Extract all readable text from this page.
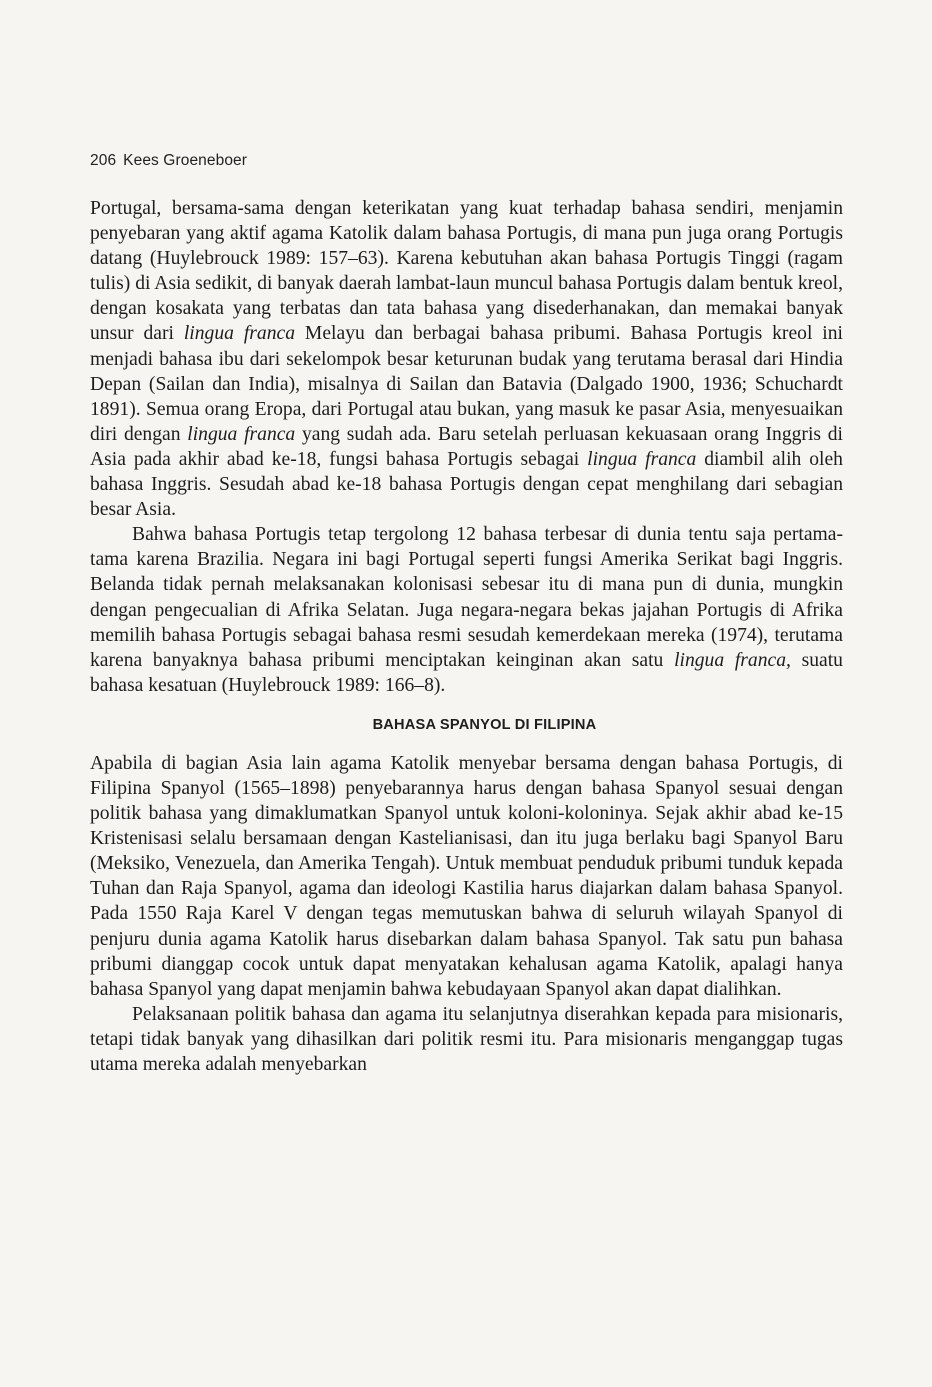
206 Kees Groeneboer

Portugal, bersama-sama dengan keterikatan yang kuat terhadap bahasa sendiri, menjamin penyebaran yang aktif agama Katolik dalam bahasa Portugis, di mana pun juga orang Portugis datang (Huylebrouck 1989: 157–63). Karena kebutuhan akan bahasa Portugis Tinggi (ragam tulis) di Asia sedikit, di banyak daerah lambat-laun muncul bahasa Portugis dalam bentuk kreol, dengan kosakata yang terbatas dan tata bahasa yang disederhanakan, dan memakai banyak unsur dari lingua franca Melayu dan berbagai bahasa pribumi. Bahasa Portugis kreol ini menjadi bahasa ibu dari sekelompok besar keturunan budak yang terutama berasal dari Hindia Depan (Sailan dan India), misalnya di Sailan dan Batavia (Dalgado 1900, 1936; Schuchardt 1891). Semua orang Eropa, dari Portugal atau bukan, yang masuk ke pasar Asia, menyesuaikan diri dengan lingua franca yang sudah ada. Baru setelah perluasan kekuasaan orang Inggris di Asia pada akhir abad ke-18, fungsi bahasa Portugis sebagai lingua franca diambil alih oleh bahasa Inggris. Sesudah abad ke-18 bahasa Portugis dengan cepat menghilang dari sebagian besar Asia.

Bahwa bahasa Portugis tetap tergolong 12 bahasa terbesar di dunia tentu saja pertama-tama karena Brazilia. Negara ini bagi Portugal seperti fungsi Amerika Serikat bagi Inggris. Belanda tidak pernah melaksanakan kolonisasi sebesar itu di mana pun di dunia, mungkin dengan pengecualian di Afrika Selatan. Juga negara-negara bekas jajahan Portugis di Afrika memilih bahasa Portugis sebagai bahasa resmi sesudah kemerdekaan mereka (1974), terutama karena banyaknya bahasa pribumi menciptakan keinginan akan satu lingua franca, suatu bahasa kesatuan (Huylebrouck 1989: 166–8).

BAHASA SPANYOL DI FILIPINA

Apabila di bagian Asia lain agama Katolik menyebar bersama dengan bahasa Portugis, di Filipina Spanyol (1565–1898) penyebarannya harus dengan bahasa Spanyol sesuai dengan politik bahasa yang dimaklumatkan Spanyol untuk koloni-koloninya. Sejak akhir abad ke-15 Kristenisasi selalu bersamaan dengan Kastelianisasi, dan itu juga berlaku bagi Spanyol Baru (Meksiko, Venezuela, dan Amerika Tengah). Untuk membuat penduduk pribumi tunduk kepada Tuhan dan Raja Spanyol, agama dan ideologi Kastilia harus diajarkan dalam bahasa Spanyol. Pada 1550 Raja Karel V dengan tegas memutuskan bahwa di seluruh wilayah Spanyol di penjuru dunia agama Katolik harus disebarkan dalam bahasa Spanyol. Tak satu pun bahasa pribumi dianggap cocok untuk dapat menyatakan kehalusan agama Katolik, apalagi hanya bahasa Spanyol yang dapat menjamin bahwa kebudayaan Spanyol akan dapat dialihkan.

Pelaksanaan politik bahasa dan agama itu selanjutnya diserahkan kepada para misionaris, tetapi tidak banyak yang dihasilkan dari politik resmi itu. Para misionaris menganggap tugas utama mereka adalah menyebarkan
